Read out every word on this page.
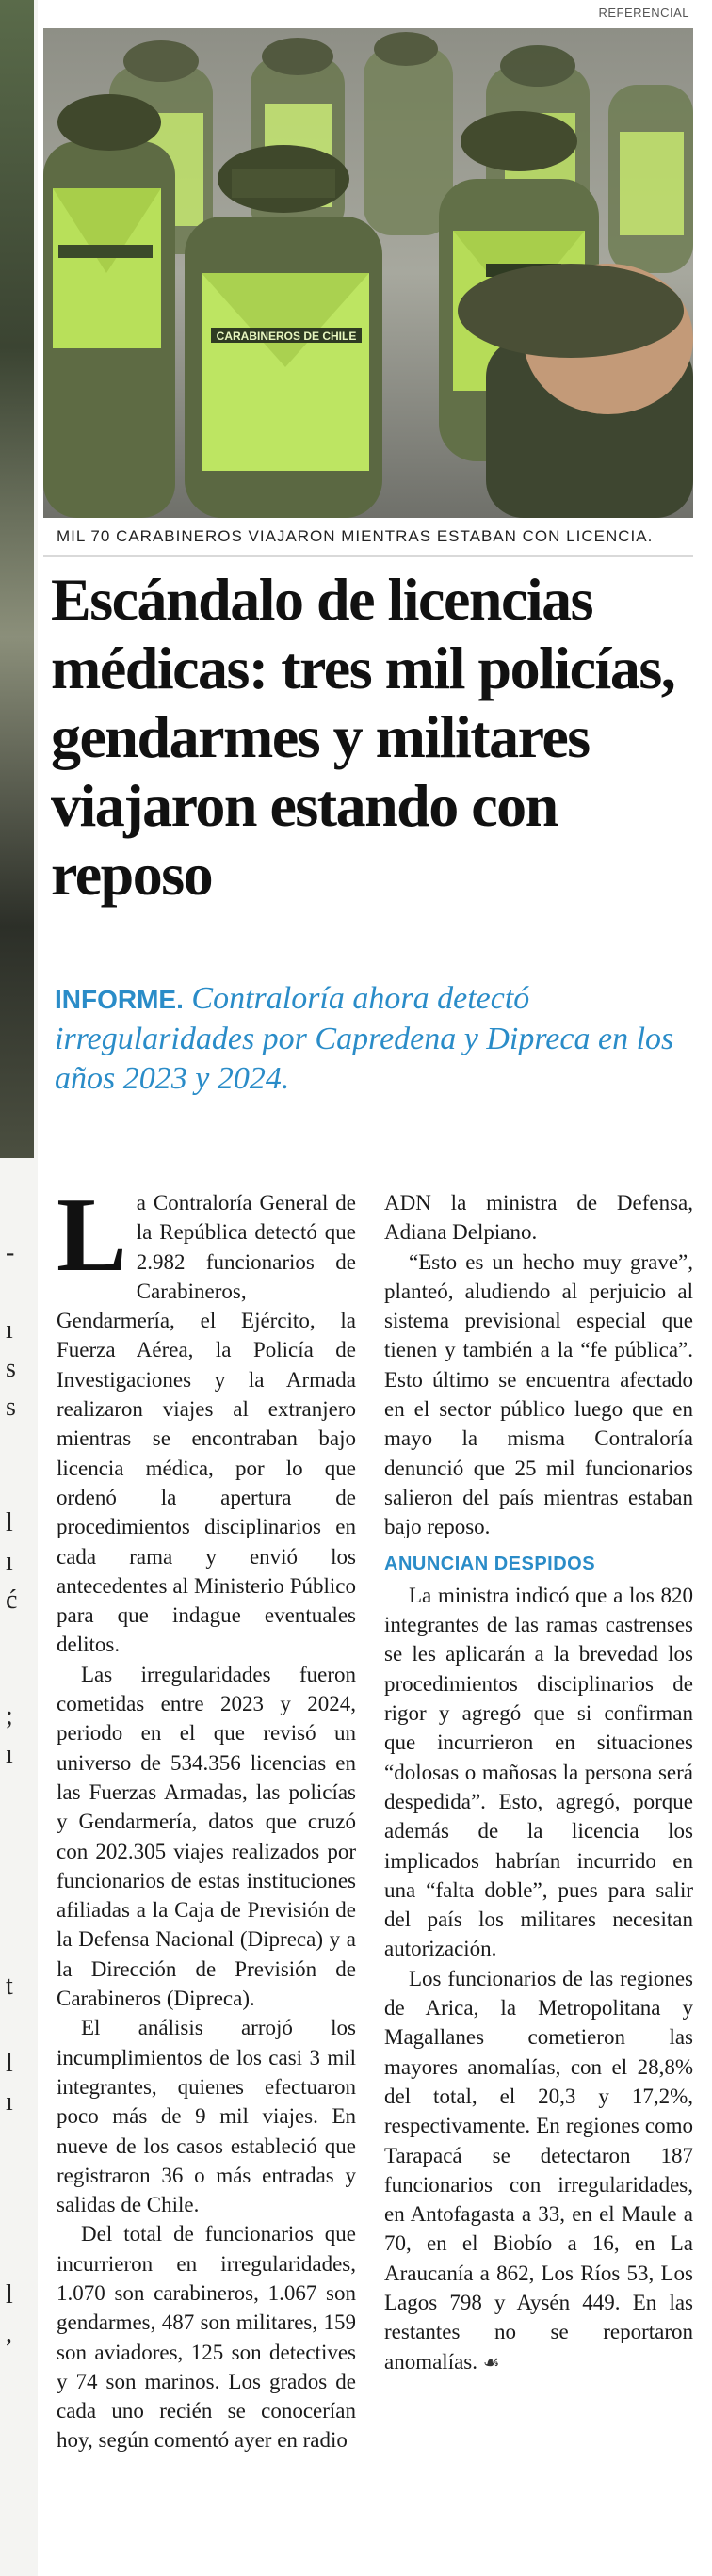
-

ı
s
s

l
ı
ć

;
ı

t

l
ı

l
,
REFERENCIAL
CARABINEROS DE CHILE
MIL 70 CARABINEROS VIAJARON MIENTRAS ESTABAN CON LICENCIA.
Escándalo de licencias médicas: tres mil policías, gendarmes y militares viajaron estando con reposo
INFORME. Contraloría ahora detectó irregularidades por Capredena y Dipreca en los años 2023 y 2024.

La Contraloría General de la República detectó que 2.982 funcionarios de Carabineros, Gendarmería, el Ejército, la Fuerza Aérea, la Policía de Investigaciones y la Armada realizaron viajes al extranjero mientras se encontraban bajo licencia médica, por lo que ordenó la apertura de procedimientos disciplinarios en cada rama y envió los antecedentes al Ministerio Público para que indague eventuales delitos.

Las irregularidades fueron cometidas entre 2023 y 2024, periodo en el que revisó un universo de 534.356 licencias en las Fuerzas Armadas, las policías y Gendarmería, datos que cruzó con 202.305 viajes realizados por funcionarios de estas instituciones afiliadas a la Caja de Previsión de la Defensa Nacional (Dipreca) y a la Dirección de Previsión de Carabineros (Dipreca).

El análisis arrojó los incumplimientos de los casi 3 mil integrantes, quienes efectuaron poco más de 9 mil viajes. En nueve de los casos estableció que registraron 36 o más entradas y salidas de Chile.

Del total de funcionarios que incurrieron en irregularidades, 1.070 son carabineros, 1.067 son gendarmes, 487 son militares, 159 son aviadores, 125 son detectives y 74 son marinos. Los grados de cada uno recién se conocerían hoy, según comentó ayer en radio

ADN la ministra de Defensa, Adiana Delpiano.

“Esto es un hecho muy grave”, planteó, aludiendo al perjuicio al sistema previsional especial que tienen y también a la “fe pública”. Esto último se encuentra afectado en el sector público luego que en mayo la misma Contraloría denunció que 25 mil funcionarios salieron del país mientras estaban bajo reposo.

ANUNCIAN DESPIDOS

La ministra indicó que a los 820 integrantes de las ramas castrenses se les aplicarán a la brevedad los procedimientos disciplinarios de rigor y agregó que si confirman que incurrieron en situaciones “dolosas o mañosas la persona será despedida”. Esto, agregó, porque además de la licencia los implicados habrían incurrido en una “falta doble”, pues para salir del país los militares necesitan autorización.

Los funcionarios de las regiones de Arica, la Metropolitana y Magallanes cometieron las mayores anomalías, con el 28,8% del total, el 20,3 y 17,2%, respectivamente. En regiones como Tarapacá se detectaron 187 funcionarios con irregularidades, en Antofagasta a 33, en el Maule a 70, en el Biobío a 16, en La Araucanía a 862, Los Ríos 53, Los Lagos 798 y Aysén 449. En las restantes no se reportaron anomalías. ☙
